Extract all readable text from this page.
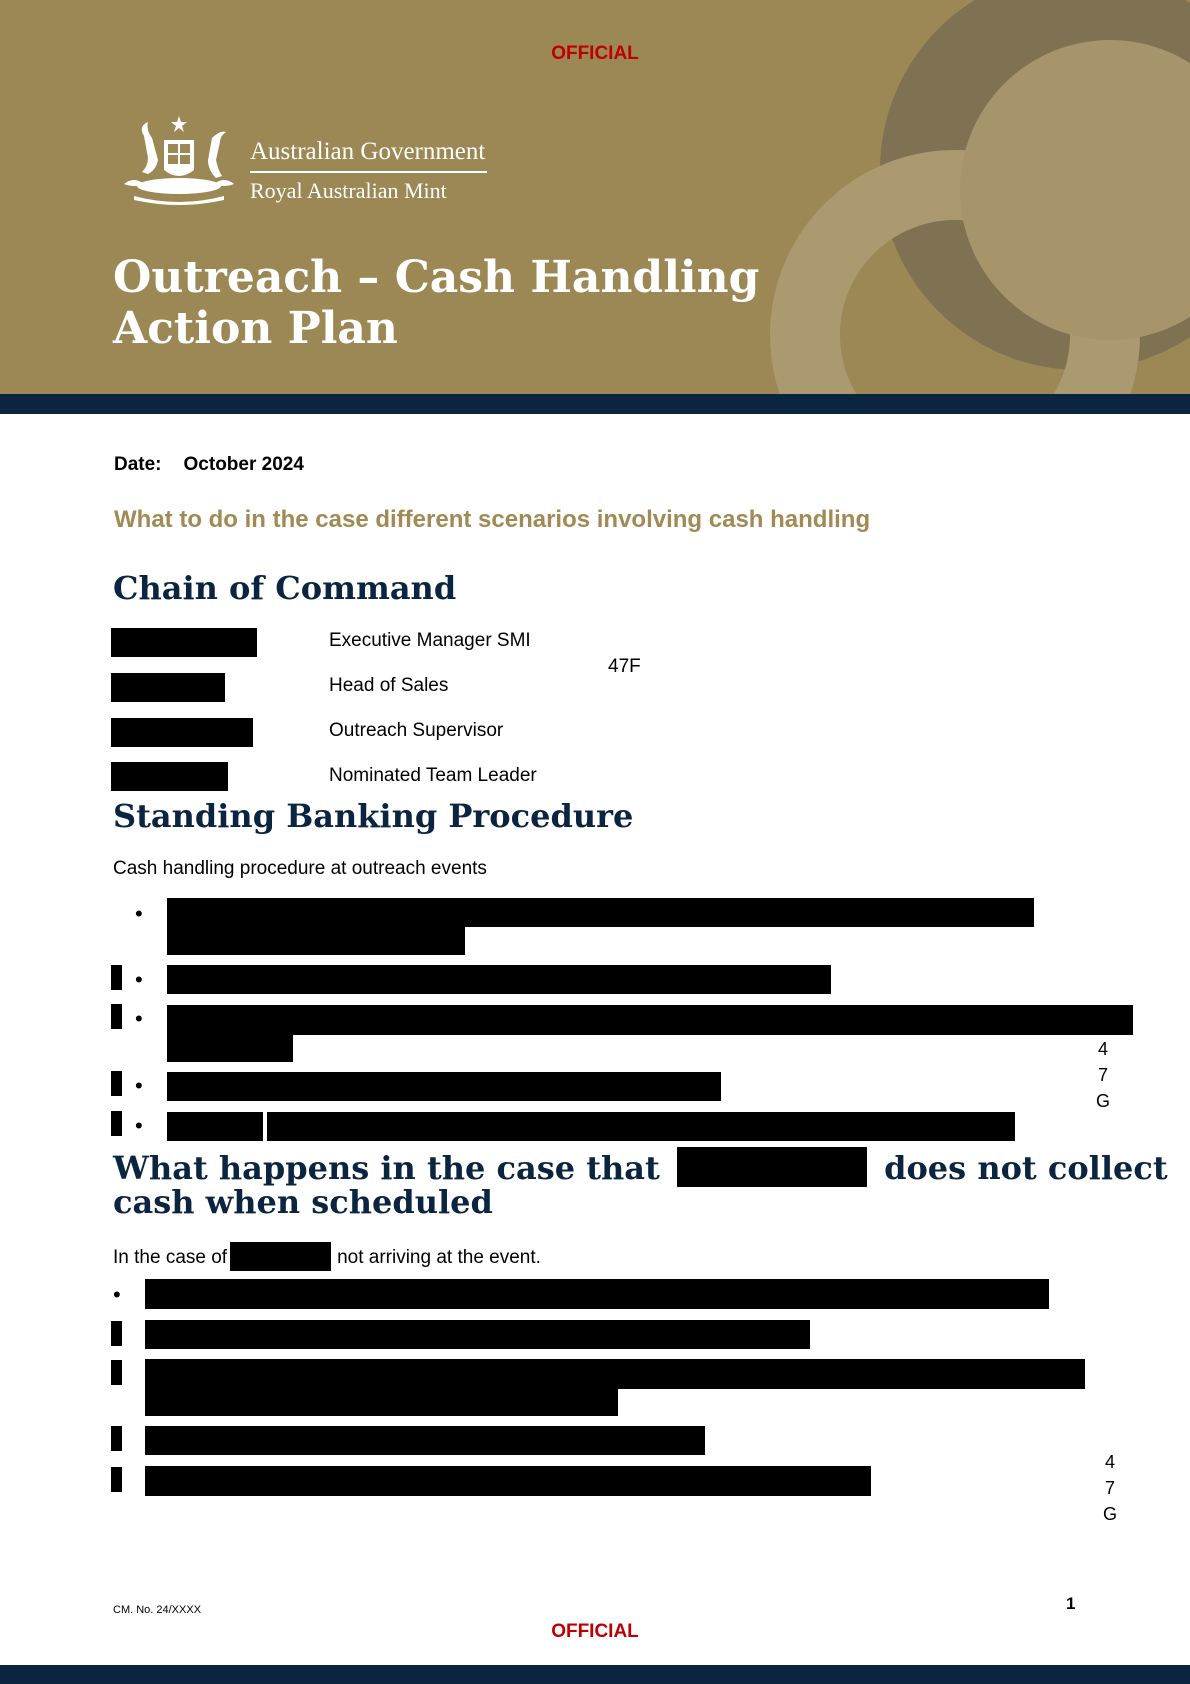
OFFICIAL
Australian Government
Royal Australian Mint
Outreach – Cash Handling
Action Plan
Date: October 2024
What to do in the case different scenarios involving cash handling
Chain of Command
Executive Manager SMI
Head of Sales
Outreach Supervisor
Nominated Team Leader
47F
Standing Banking Procedure
Cash handling procedure at outreach events
•
•
•
•
•
4
7
G
What happens in the case that	does not collect
cash when scheduled
In the case of	not arriving at the event.
•
4
7
G
CM. No. 24/XXXX	1
OFFICIAL
